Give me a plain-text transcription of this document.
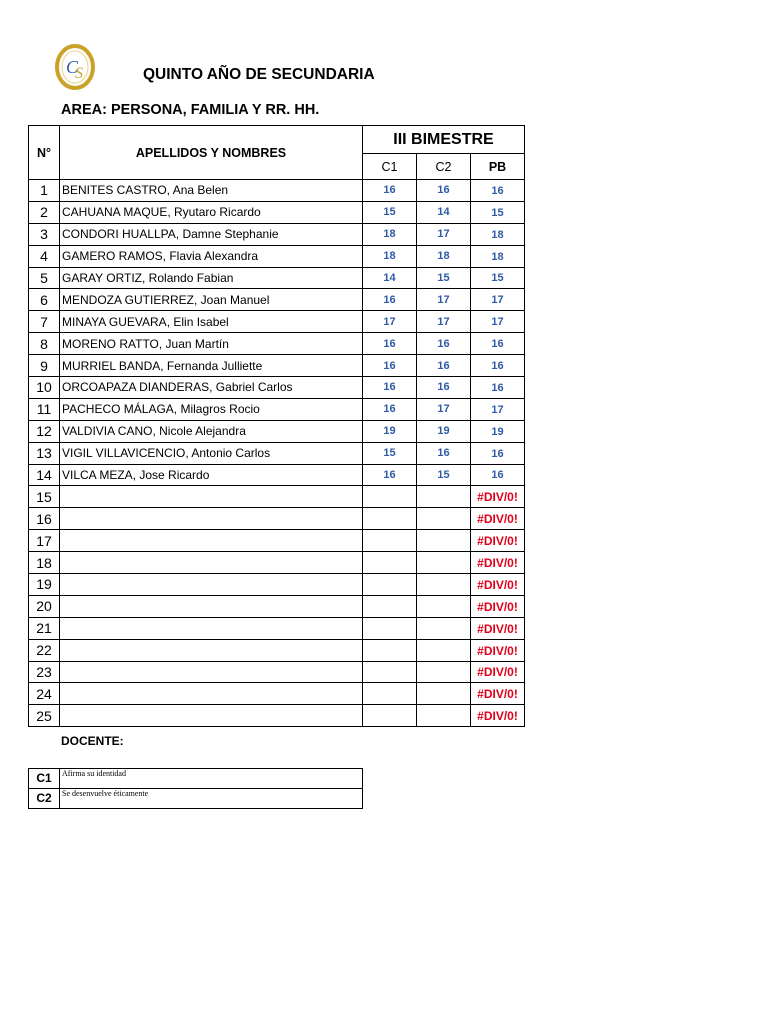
C
S	QUINTO AÑO DE SECUNDARIA
AREA: PERSONA, FAMILIA Y RR. HH.
N°	APELLIDOS Y NOMBRES	III BIMESTRE		
		C1	C2	PB
1	BENITES CASTRO, Ana Belen	16	16	16
2	CAHUANA MAQUE, Ryutaro Ricardo	15	14	15
3	CONDORI HUALLPA, Damne Stephanie	18	17	18
4	GAMERO RAMOS, Flavia Alexandra	18	18	18
5	GARAY ORTIZ, Rolando Fabian	14	15	15
6	MENDOZA GUTIERREZ, Joan Manuel	16	17	17
7	MINAYA GUEVARA, Elin Isabel	17	17	17
8	MORENO RATTO, Juan Martín	16	16	16
9	MURRIEL BANDA, Fernanda Julliette	16	16	16
10	ORCOAPAZA DIANDERAS, Gabriel Carlos	16	16	16
11	PACHECO MÁLAGA, Milagros Rocio	16	17	17
12	VALDIVIA CANO, Nicole Alejandra	19	19	19
13	VIGIL VILLAVICENCIO, Antonio Carlos	15	16	16
14	VILCA MEZA, Jose Ricardo	16	15	16
15				#DIV/0!
16				#DIV/0!
17				#DIV/0!
18				#DIV/0!
19				#DIV/0!
20				#DIV/0!
21				#DIV/0!
22				#DIV/0!
23				#DIV/0!
24				#DIV/0!
25				#DIV/0!
DOCENTE:
C1	Afirma su identidad
C2	Se desenvuelve éticamente
